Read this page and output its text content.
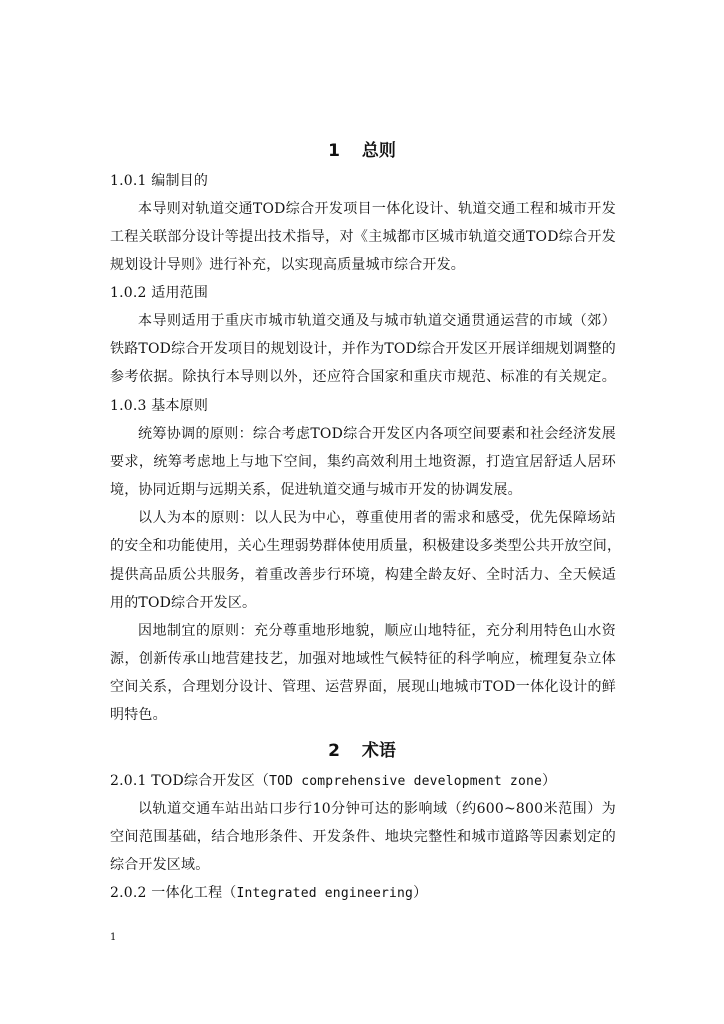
1 总则
1.0.1 编制目的
本导则对轨道交通TOD综合开发项目一体化设计、轨道交通工程和城市开发
工程关联部分设计等提出技术指导，对《主城都市区城市轨道交通TOD综合开发
规划设计导则》进行补充，以实现高质量城市综合开发。
1.0.2 适用范围
本导则适用于重庆市城市轨道交通及与城市轨道交通贯通运营的市域（郊）
铁路TOD综合开发项目的规划设计，并作为TOD综合开发区开展详细规划调整的
参考依据。除执行本导则以外，还应符合国家和重庆市规范、标准的有关规定。
1.0.3 基本原则
统筹协调的原则：综合考虑TOD综合开发区内各项空间要素和社会经济发展
要求，统筹考虑地上与地下空间，集约高效利用土地资源，打造宜居舒适人居环
境，协同近期与远期关系，促进轨道交通与城市开发的协调发展。
以人为本的原则：以人民为中心，尊重使用者的需求和感受，优先保障场站
的安全和功能使用，关心生理弱势群体使用质量，积极建设多类型公共开放空间，
提供高品质公共服务，着重改善步行环境，构建全龄友好、全时活力、全天候适
用的TOD综合开发区。
因地制宜的原则：充分尊重地形地貌，顺应山地特征，充分利用特色山水资
源，创新传承山地营建技艺，加强对地域性气候特征的科学响应，梳理复杂立体
空间关系，合理划分设计、管理、运营界面，展现山地城市TOD一体化设计的鲜
明特色。
2 术语
2.0.1 TOD综合开发区（TOD comprehensive development zone）
以轨道交通车站出站口步行10分钟可达的影响域（约600~800米范围）为
空间范围基础，结合地形条件、开发条件、地块完整性和城市道路等因素划定的
综合开发区域。
2.0.2 一体化工程（Integrated engineering）
1
